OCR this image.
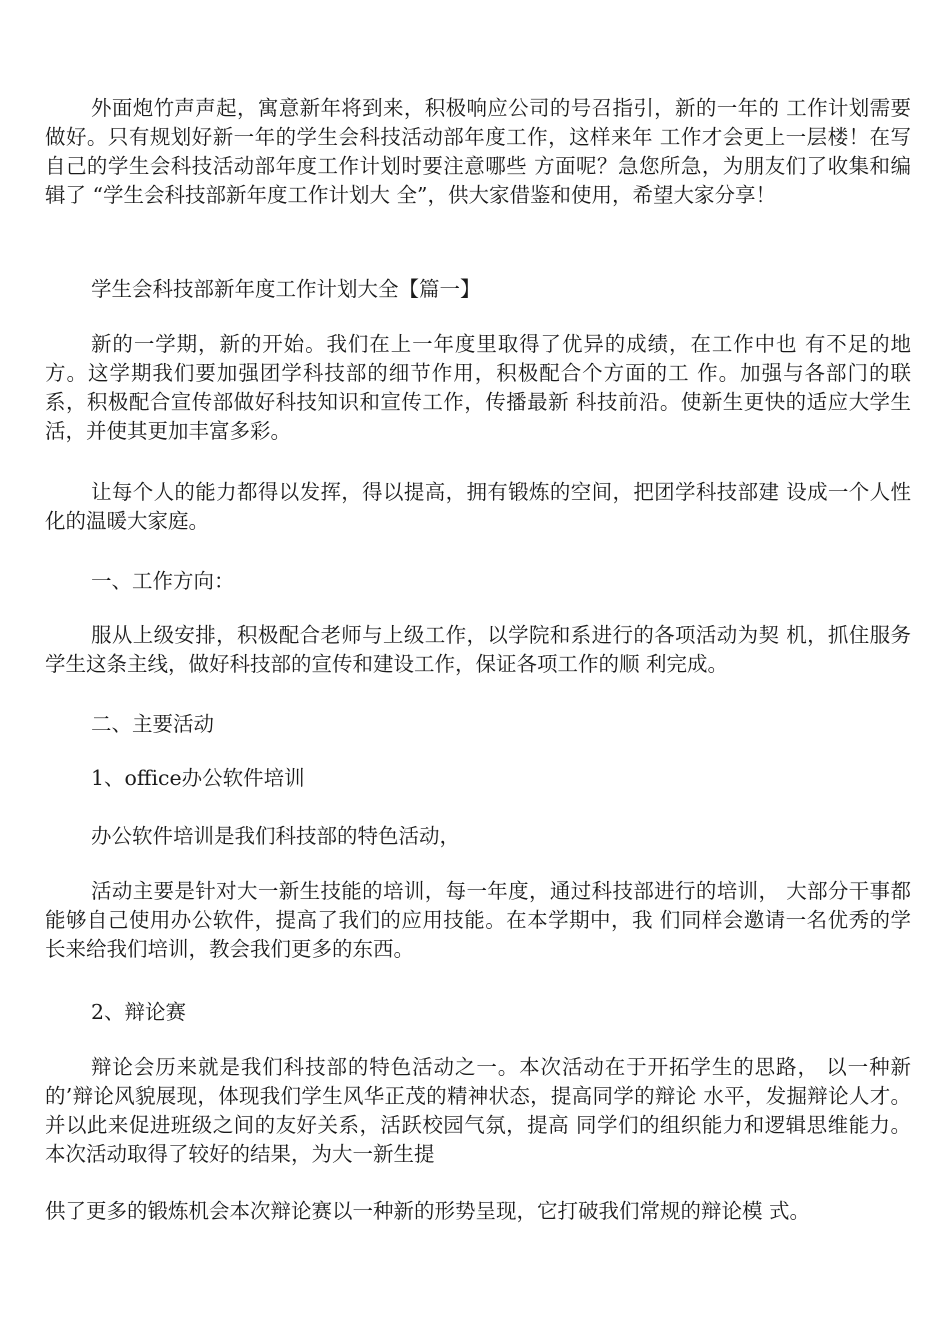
外面炮竹声声起，寓意新年将到来，积极响应公司的号召指引，新的一年的 工作计划需要做好。只有规划好新一年的学生会科技活动部年度工作，这样来年 工作才会更上一层楼！在写自己的学生会科技活动部年度工作计划时要注意哪些 方面呢？急您所急，为朋友们了收集和编辑了 “学生会科技部新年度工作计划大 全”，供大家借鉴和使用，希望大家分享！

学生会科技部新年度工作计划大全【篇一】

新的一学期，新的开始。我们在上一年度里取得了优异的成绩，在工作中也 有不足的地方。这学期我们要加强团学科技部的细节作用，积极配合个方面的工 作。加强与各部门的联系，积极配合宣传部做好科技知识和宣传工作，传播最新 科技前沿。使新生更快的适应大学生活，并使其更加丰富多彩。

让每个人的能力都得以发挥，得以提高，拥有锻炼的空间，把团学科技部建 设成一个人性化的温暖大家庭。

一、工作方向：

服从上级安排，积极配合老师与上级工作，以学院和系进行的各项活动为契 机，抓住服务学生这条主线，做好科技部的宣传和建设工作，保证各项工作的顺 利完成。

二、主要活动

1、office办公软件培训

办公软件培训是我们科技部的特色活动，

活动主要是针对大一新生技能的培训，每一年度，通过科技部进行的培训， 大部分干事都能够自己使用办公软件，提高了我们的应用技能。在本学期中，我 们同样会邀请一名优秀的学长来给我们培训，教会我们更多的东西。

2、辩论赛

辩论会历来就是我们科技部的特色活动之一。本次活动在于开拓学生的思路， 以一种新的’辩论风貌展现，体现我们学生风华正茂的精神状态，提高同学的辩论 水平，发掘辩论人才。并以此来促进班级之间的友好关系，活跃校园气氛，提高 同学们的组织能力和逻辑思维能力。本次活动取得了较好的结果，为大一新生提

供了更多的锻炼机会本次辩论赛以一种新的形势呈现，它打破我们常规的辩论模 式。
